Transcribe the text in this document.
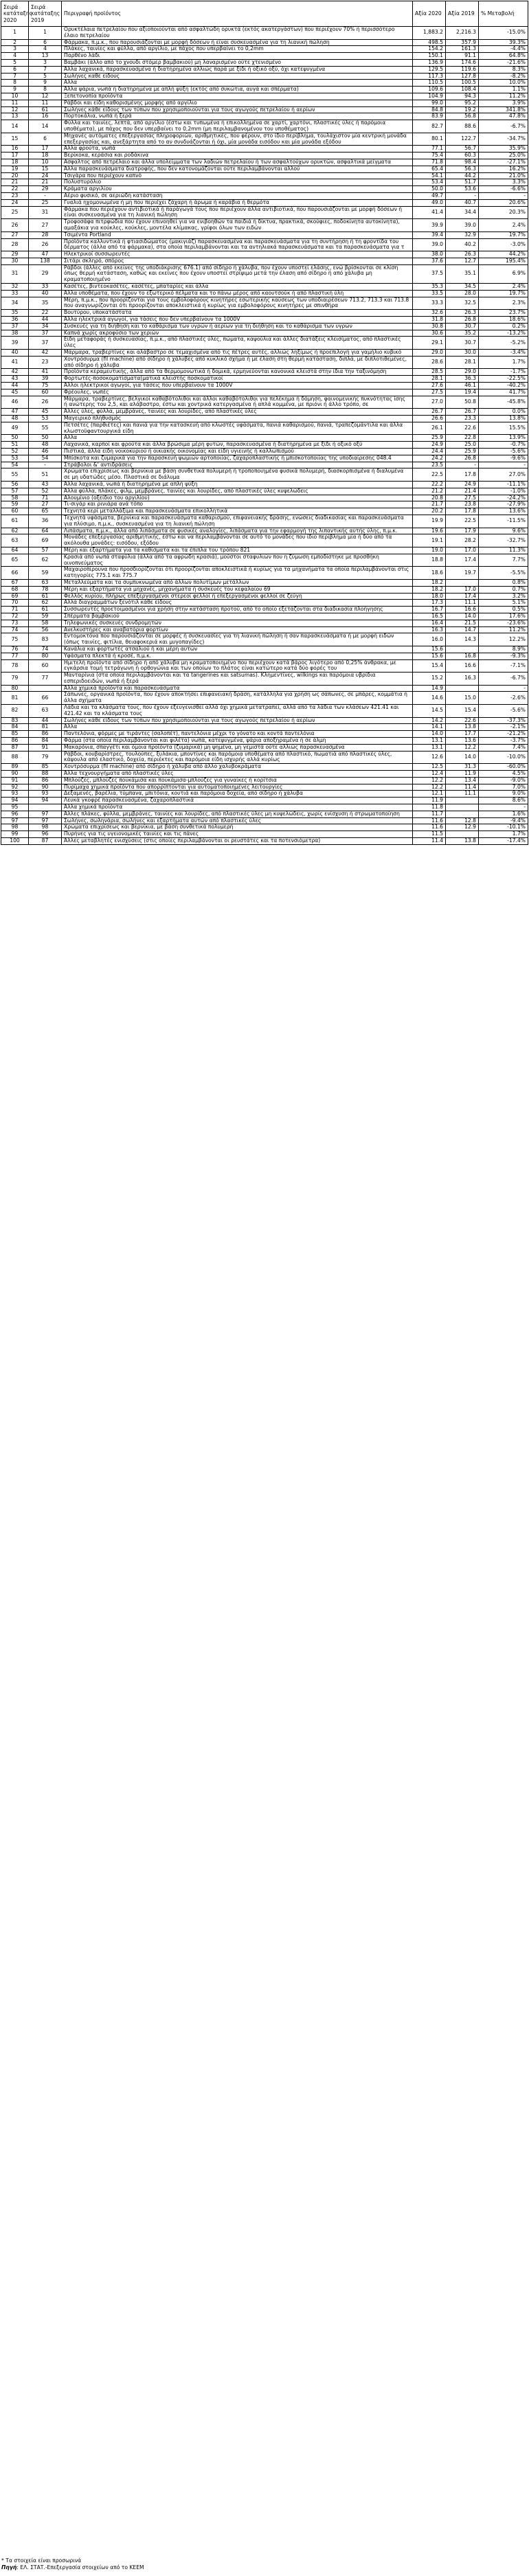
Σειρά κατάταξης 2020	Σειρά κατάταξης 2019	Περιγραφή προϊόντος	Αξία 2020	Αξία 2019	% Μεταβολή
1	1	Ορυκτέλαια πετρελαίου που αξιοποιούνται από ασφαλτώδη ορυκτά (εκτός ακατεργάστων) που περιέχουν 70% ή περισσότερο έλαιο πετρελαίου	1,883.2	2,216.3	-15.0%
2	6	Φάρμακα, π.μ.κ., που παρουσιάζονται με μορφή δόσεων ή είναι συσκευασμένα για τη λιανική πώληση	498.5	357.9	39.3%
3	4	Πλάκες, ταινίες και φύλλα, από αργίλιο, με πάχος που υπερβαίνει το 0,2mm	154.2	161.3	-4.4%
4	13	Παρθένο λάδι	150.1	91.1	64.8%
5	3	Βαμβάκι (άλλο από το χνουδι στόμερ βαμβακιού) μη λαναρισμένο ούτε χτενισμένο	136.9	174.6	-21.6%
6	7	Άλλα λαχανικά, παρασκευασμένα ή διατηρημένα αλλιώς παρά με ξίδι ή οξικό οξύ, όχι κατεψυγμένα	129.5	119.6	8.3%
7	5	Σωλήνες καθε είδους	117.3	127.8	-8.2%
8	9	Αλλα	110.5	100.5	10.0%
9	8	Άλλα ψάρια, νωπά ή διατηρημένα με απλή ψύξη (εκτός από συκώτια, αυγά και σπέρματα)	109.6	108.4	1.1%
10	12	Ξεπετονοπία προϊόντα	104.9	94.3	11.2%
11	11	Ράβδοι και είδη καθορισμένης μορφής από αργίλιο	99.0	95.2	3.9%
12	61	Σωλήνες κάθε είδους των τύπων που χρησιμοποιούνται για τους αγωγούς πετρελαίου ή αερίων	84.8	19.2	341.8%
13	16	Πορτοκάλια, νωπά ή ξερά	83.9	56.8	47.8%
14	14	Φύλλα και ταινίες, λεπτά, από αργίλιο (έστω και τυπωμένα ή επικολλημένα σε χαρτί, χαρτόνι, πλαστικές ύλες ή παρόμοια υποθέματα), με πάχος που δεν υπερβαίνει το 0,2mm (μη περιλαμβανομένου του υποθέματος)	82.7	88.6	-6.7%
15	6	Μηχανές αυτόματες επεξεργασίας πληροφοριών, αριθμητικές, που φέρουν, στο ίδιο περίβλημα, τουλάχιστον μία κεντρική μονάδα επεξεργασίας και, ανεξάρτητα από το αν συνδυάζονται ή όχι, μία μονάδα εισόδου και μία μονάδα εξόδου	80.1	122.7	-34.7%
16	17	Άλλα φρούτα, νωπά	77.1	56.7	35.9%
17	18	Βερίκοκα, κεράσια και ροδάκινα	75.4	60.3	25.0%
18	10	Ασφαλτος από πετρέλαιο και άλλα υπολείμματα των λαδιών πετρελαίου ή των ασφαλτούχων ορυκτών, ασφαλτικά μείγματα	71.8	98.4	-27.1%
19	15	Άλλα παρασκευάσματα διατροφής, που δεν κατονομάζονται ούτε περιλαμβάνονται αλλού	65.4	56.3	16.2%
20	24	Τσιγάρα που περιέχουν καπνό	54.1	44.2	21.0%
21	21	Πολυστυρόλιο	53.4	51.7	3.3%
22	29	Κράματα αργιλίου	50.0	53.6	-6.6%
23	-	Αέριο φυσικό, σε αεριώδη κατάσταση	49.7	-	-
24	25	Γυαλιά ηχομονωμένα ή μη που περιέχει ζάχαρη ή άρωμα ή καράβια ή θερμότα	49.0	40.7	20.6%
25	31	Φάρμακα που περιέχουν αντιβιοτικά ή παράγωγά τους που περιέχουν άλλα αντιβιοτικά, που παρουσιάζονται με μορφή δόσεων ή είναι συσκευασμένα για τη λιανική πώληση	41.4	34.4	20.3%
26	27	Τροφοσάφα πιτρφώδια που έχουν επινοηθεί για να ενιβοηθών τα παιδιά ή δίκτυα, πρακτικά, σκούφιες, ποδοκίνητα αυτοκίνητα), αμαξάκια για κούκλες, κούκλες, μοντέλα κλίμακας, γρίφοι όλων των ειδών	39.9	39.0	2.4%
27	28	Τσιμέντα Portland	39.4	32.9	19.7%
28	26	Προϊόντα καλλυντικά ή φτιασιδώματος (μακιγιάζ) παρασκευασμένα και παρασκευάσματα για τη συντήρηση ή τη φροντίδα του δέρματος (άλλα από τα φάρμακα), στα οποία περιλαμβάνονται και τα αντηλιακά παρασκευάσματα και τα παρασκευάσματα για τ	39.0	40.2	-3.0%
29	47	Ηλεκτρικοί συσσωρευτές	38.0	26.3	44.2%
30	138	Σιτάρι σκληρό, σπόρος	37.6	12.7	195.4%
31	29	Ράβδοι (άλλες από εκείνες της υποδιάκρισης 676.1) από σίδηρο ή χάλυβα, που έχουν υποστεί ελάσης, ενώ βρίσκονται σε κλίση όπως θερμή κατάσταση, καθώς και εκείνες που έχουν υποστεί στρίψιμο μετά την έλαση από σίδηρο ή από χάλυβα μη κραματοποιημένο	37.5	35.1	6.9%
32	33	Κασέτες, βιντεοκασέτες, κασέτες, μπαταρίες και άλλα	35.3	34.5	2.4%
33	40	Άλλα υποθέματα, που έχουν το εξωτερικό πέλματα και το πάνω μέρος από καουτσούκ ή από πλαστική ύλη	33.5	28.0	19.7%
34	35	Μέρη, π.μ.κ., που προορίζονται για τους εμβολοφόρους κινητήρες εσωτερικής καύσεως των υποδιαιρέσεων 713.2, 713.3 και 713.8 που αναγνωρίζονται ότι προορίζονται αποκλειστικά ή κυρίως για εμβολοφόρους κινητήρες με σπινθήρα	33.3	32.5	2.3%
35	22	Βουτύρου, υποκατάστατα	32.6	26.3	23.7%
36	44	Άλλα ηλεκτρικά αγωγοί, για τάσεις που δεν υπερβαίνουν τα 1000V	31.8	26.8	18.6%
37	34	Συσκευές για τη διήθηση και το καθάρισμα των υγρών ή αερίων για τη διήθηση και το καθάρισμα των υγρών	30.8	30.7	0.2%
38	37	Καπνά χωρίς ακροφύσιο των χεριών	30.6	35.2	-13.2%
39	37	Είδη μεταφοράς ή συσκευασίας, π.μ.κ., από πλαστικές ύλες, πώματα, καψούλια και άλλες διατάξεις κλεισίματος, από πλαστικές ύλες	29.1	30.7	-5.2%
40	42	Μάρμαρα, τραβερτίνες και αλάβαστρο σε τεμαχισμένα από τις πέτρες αυτές, αλλιώς ληξίμως ή προεπιλογή για γαμήλιο κυβικό	29.0	30.0	-3.4%
41	23	Χοντρόσυρμα (fil machine) από σίδηρο ή χάλυβες από κυκλικό σχήμα ή με έλαση στη θερμή κατάσταση, διπλά, με διπλοτιθεμένες, από σίδηρο ή χάλυβα	28.6	28.1	1.7%
42	41	Προϊόντα κεραμευτικής, άλλα από τα θερμομονωτικά ή δομικά, ερμηνεύονται κανονικά κλειστά στην ίδια την ταξινόμηση	28.5	29.0	-1.7%
43	39	Φορτωτές-ποσοκοματίσματα(ματικά κλειστής ποσκοματικοί	28.1	36.3	-22.5%
44	75	Άλλοι ηλεκτρικοί αγωγοί, για τάσεις που υπερβαίνουν τα 1000V	27.6	46.1	-40.2%
45	60	Φρέουλες, νωπές	27.5	19.4	41.7%
46	26	Μάρμαρα, τραβερτίνες, βελγικοί καθαβότολιθοι και άλλοι καθαβότολιθοι για πελέκημα ή δόμηση, φαινομενικής πυκνότητας ίσης ή ανώτερης του 2,5, και αλάβαστρο, έστω και χοντρικά κατεργασμένα ή απλά κομμένα, με πριόνι ή άλλο τρόπο, σε	27.0	50.8	-45.8%
47	45	Άλλες ύλες, φύλλα, μεμβράνες, ταινίες και λουρίδες, από πλαστικές ύλες	26.7	26.7	0.0%
48	53	Μαγειρικό πλήθυσμός	26.6	23.3	13.8%
49	55	Πετσέτες (παρθιέτες) και πανιά για την κατασκευή από κλωστές υφάσματα, πανιά καθαρισμού, πανιά, τραπεζομάντιλα και άλλα κλωστοϋφαντουργικά είδη	26.1	22.6	15.5%
50	50	Αλλα	25.9	22.8	13.9%
51	48	Λαχανικά, καρποί και φρούτα και άλλα βρώσιμα μέρη φυτών, παρασκευασμένα ή διατηρημένα με ξίδι ή οξικό οξύ	24.9	25.0	-0.7%
52	46	Πιστικά, άλλα είδη νοικοκυριού ή οικιακής οικονομίας και είδη υγιεινής ή καλλωπισμού	24.4	25.9	-5.6%
53	54	Μπίσκοτα και ζυμαρικά για την παρασκευή ψωμιών αρτοποιίας, ζαχαροπλαστικής ή μπισκοτοποιίας της υποδιαίρεσης 048.4	24.2	26.8	-9.6%
54	-	Στράβολοι &' αντιδράσεις	23.5	-	-
55	51	Χρώματα επιχρίσεως και βερνίκια με βάση συνθετικά πολυμερή ή τροποποιημένα φυσικά πολυμερή, διασκορπισμένα ή διαλυμένα σε μη υδατώδες μέσο. Πλαστικά σε διάλυμα	22.5	17.8	27.0%
56	43	Άλλα λαχανικά, νωπά ή διατηρημένα με απλή ψύξη	22.2	24.9	-11.1%
57	52	Άλλα φύλλα, πλάκες, φιλμ, μεμβράνες, ταινίες και λουρίδες, από πλαστικές ύλες κυψελώδεις	21.2	21.4	-1.0%
58	71	Αλουμίνιο (οξείδιο του αργιλίου)	20.8	27.5	-24.2%
59	27	Τι-σιγάρ και ρινιάρα ανά τόπο	21.7	23.8	-27.9%
60	65	Τεχνητά κερί μεταλλάξιμα και παρασκευάσματα επικολλητικά	20.2	17.8	13.6%
61	36	Τεχνητά υφάσματα, βερνίκια και παρασκευάσματα καθαρισμού, επιφανειακής δράσης, ενώσεις διαδικασίας και παρασκευάσματα για πλύσιμο, π.μ.κ., συσκευασμένα για τη λιανική πώληση	19.9	22.5	-11.5%
62	64	Λιπάσματα, π.μ.κ., άλλα από λιπάσματα σε φυσικές αναλογίες, λιπάσματα για την εφαρμογή της λιπαντικής αυτής ύλης, π.μ.κ.	19.6	17.9	9.6%
63	69	Μονάδες επεξεργασίας αριθμητικής, έστω και να περιλαμβάνονται σε αυτό το μονάδες που ίδιο περίβλημα μία ή δύο από τα ακόλουθα μονάδες: εισόδου, εξόδου	19.1	28.2	-32.7%
64	57	Μέρη και εξαρτήματα για τα καθίσματα και τα έπιπλα του τρόπου 821	19.0	17.0	11.3%
65	62	Κρασιά από νωπά σταφύλια (άλλα από τα αφρώδη κρασιά), μούστοι σταφυλιών που η ζύμωση εμποδίστηκε με προσθήκη οινοπνεύματος	18.8	17.4	7.7%
66	59	Μαχαιροπίρουνα που προσδιορίζονται ότι προορίζονται αποκλειστικά ή κυρίως για τα μηχανήματα τα οποία περιλαμβάνονται στις κατηγορίες 775.1 και 775.7	18.6	19.7	-5.5%
67	63	Μεταλλεύματα και τα συμπυκνωμένα από άλλων πολυτίμων μετάλλων	18.2		0.8%
68	78	Μέρη και εξαρτήματα για μηχανές, μηχανήματα ή συσκευές του κεφαλαίου 69	18.2	17.0	0.7%
69	61	Φελλός κυρίου, πλήρως επεξεργασμένοι στερεοί φελλοί ή επεξεργασμένοι φελλοί σε ζεύγη	18.0	17.4	3.2%
70	62	Αλλά διαγραμμάτων ξενότιλ κάθε είδους	17.3	11.1	5.1%
71	61	Συσσωρευτές προετοιμασμένοι για χρήση στην κατάσταση προτού, από το οποίο εξετάζονται στα διαδικασία πλοήγησης	16.7	16.6	0.5%
72	59	Σπέρματα βαμβακιού	16.5	14.0	17.6%
73	58	Τηλεφωνικές συσκευές συνδρομητών	16.4	21.5	-23.6%
74	56	Ανελκυστήρες και αναβατόρια φορτίων	16.3	14.7	11.2%
75	83	Εντομοκτόνα που παρουσιάζονται σε μορφές ή συσκευασίες για τη λιανική πώληση ή σαν παρασκευάσματα ή με μορφή ειδών (όπως ταινίες, φιτίλια, θειαφοκεριά και μυγοπαγίδες)	16.0	14.3	12.2%
76	74	Κανάλια και φορτωτές ατσαλιού ή και μέρη αυτών	15.6		8.9%
77	80	Υφάσματα πλεκτά ή κροσέ, π.μ.κ.	15.6	16.8	-9.3%
78	60	Ημιτελή προϊόντα από σίδηρο ή από χάλυβα μη κραματοποιημένο που περιέχουν κατά βάρος λιγότερο από 0,25% άνθρακα, με εγκάρσια τομή τετράγωνη ή ορθογώνια και των οποίων το πλάτος είναι κατώτερο κατά δύο φορές του	15.4	16.6	-7.1%
79	77	Μανταρίνια (στα οποία περιλαμβάνονται και τα tangerines και satsumas). Κλημεντίνες, wilkings και παρόμοια υβρίδια εσπεριδοειδών, νωπά ή ξερά	15.2	16.3	-6.7%
80		Άλλα χημικά προϊόντα και παρασκευάσματα	14.9		-
81	66	Σάπωνες, οργανικά προϊόντα, που έχουν αποκτήσει επιφανειακή δράση, κατάλληλα για χρήση ως σάπωνες, σε μπάρες, κομμάτια ή άλλα σχήματα	14.6	15.0	-2.6%
82	63	Λάδια και τα κλάσματα τους, που έχουν εξευγενισθεί αλλά όχι χημικά μετατραπεί, αλλά από τα λάδια των κλάσεων 421.41 και 421.42 και τα κλάσματα τους	14.5	15.4	-5.6%
83	44	Σωλήνες κάθε είδους των τύπων που χρησιμοποιούνται για τους αγωγούς πετρελαίου ή αερίων	14.2	22.6	-37.3%
84	81	Άλλα	14.1	13.8	-2.1%
85	86	Παντελόνια, φόρμες με τιράντες (σαλοπέτ), παντελόνια μέχρι το γόνατο και κοντά παντελόνια	14.0	17.7	-21.2%
86	84	Φάρμα (στα οποία περιλαμβάνονται και φιλέτα) νωπά, κατεψυγμένα, ψάρια αποξηραμένα ή σε άλμη	13.1	13.6	-3.7%
87	91	Μακαρόνια, σπαγγέτι και όμοια προϊόντα (ζυμαρικά) μη ψημένα, μη γεμιστά ούτε αλλιώς παρασκευασμένα	13.1	12.2	7.4%
88	79	Ράβδοι, κουβαρίστρες, τουλούπες, ξυλάκια, μποντίνες και παρόμοια υποθέματα από πλαστικό, πωματιά από πλαστικές ύλες, κάψουλα από ελαστικό, δοχεία, περιέκτες και παρόμοια είδη ισχυρής αλλά κυρίως	12.6	14.0	-10.0%
89	85	Χοντρόσυρμα (fil machine) από σίδηρο ή χάλυβα από άλλο χαλυβοκράματα	12.5	31.3	-60.0%
90	88	Άλλα τεχνουργήματα από πλαστικές ύλες	12.4	11.9	4.5%
91	86	Μπλούζες, μπλούζες πουκάμισα και πουκάμισα-μπλούζες για γυναίκες ή κορίτσια	12.2	13.4	-9.0%
92	90	Πυρίμαχα χημικά προϊόντα που απορρίπτονται για αυτοματοποιημένες λειτουργίες	12.2	11.4	7.0%
93	93	Δεξαμενές, βαρέλια, τύμπανα, μπιτόνια, κουτιά και παρόμοια δοχεία, από σίδηρο ή χάλυβα	12.1	11.1	9.0%
94	94	Λευκά γκοφρέ παρασκευασμένα, ζαχαροπλαστικά	11.9		8.6%
95		Άλλα χημικά προϊόντα	11.8		-
96	97	Άλλες πλάκες, φύλλα, μεμβράνες, ταινίες και λουρίδες, από πλαστικές ύλες μη κυψελώδεις, χωρίς ενίσχυση ή στρωματοποίηση	11.7		1.6%
97	97	Σωλήνες, σωληνάρια, σωλήνες και εξαρτήματα αυτών από πλαστικές ύλες	11.6	12.8	-9.4%
98	98	Χρώματα επιχρίσεως και βερνίκια, με βάση συνθετικά πολυμερή	11.6	12.9	-10.1%
99	96	Πυρήνες για τις υγειονομικές ταινίες και τις πάνες	11.5		1.7%
100	87	Άλλες μεταβλητές ενισχύσεις (στις οποίες περιλαμβάνονται οι ρευστάτες και τα ποτενσιόμετρα)	11.4	13.8	-17.4%
* Τα στοιχεία είναι προσωρινά
Πηγή: ΕΛ. ΣΤΑΤ.-Επεξεργασία στοιχείων από το ΚΕΕΜ
